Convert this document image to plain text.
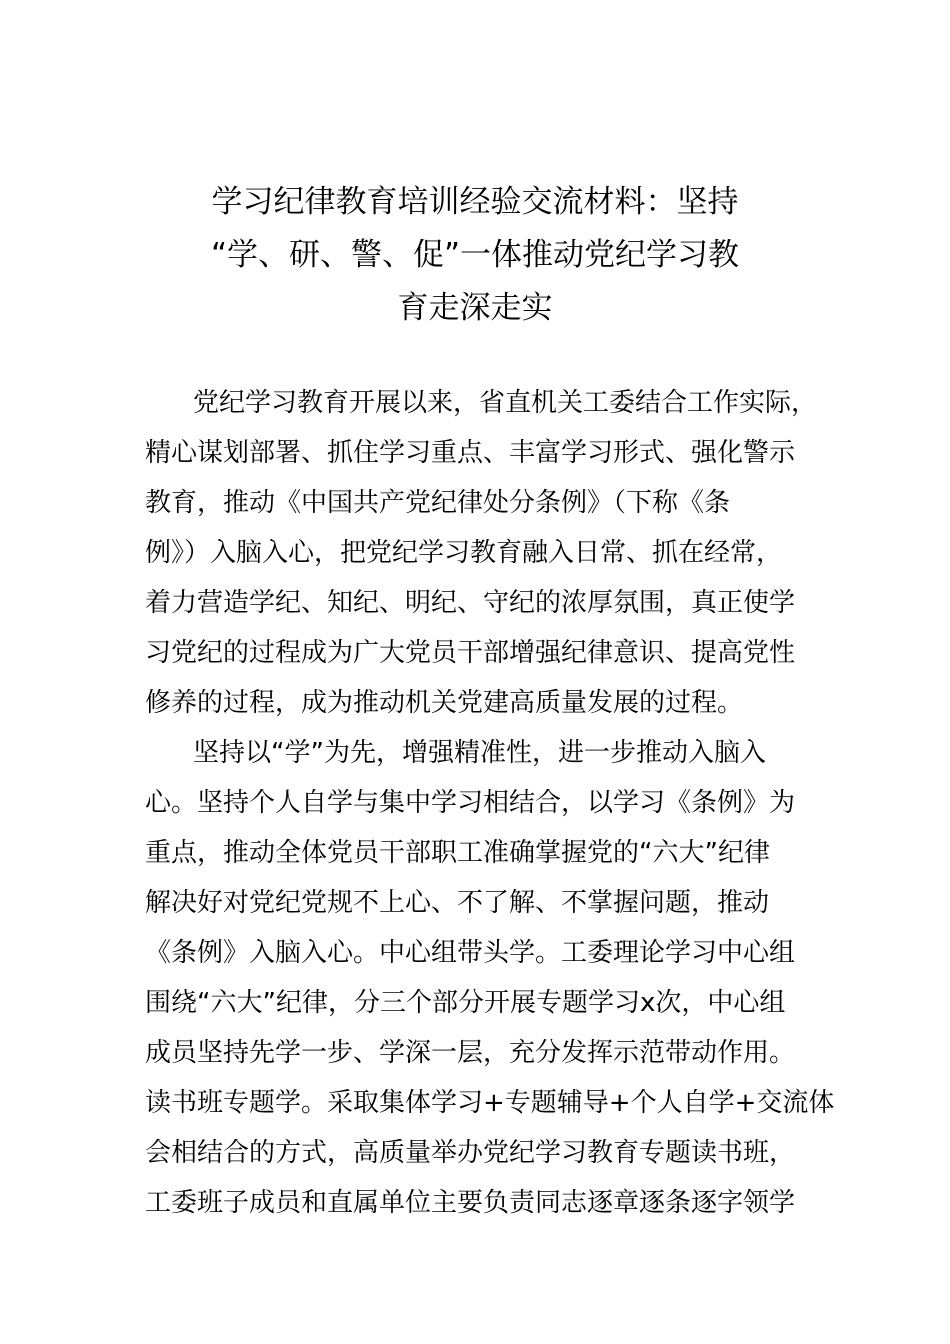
学习纪律教育培训经验交流材料：坚持
“学、研、警、促”一体推动党纪学习教
育走深走实
党纪学习教育开展以来，省直机关工委结合工作实际，
精心谋划部署、抓住学习重点、丰富学习形式、强化警示
教育，推动《中国共产党纪律处分条例》（下称《条
例》）入脑入心，把党纪学习教育融入日常、抓在经常，
着力营造学纪、知纪、明纪、守纪的浓厚氛围，真正使学
习党纪的过程成为广大党员干部增强纪律意识、提高党性
修养的过程，成为推动机关党建高质量发展的过程。
坚持以“学”为先，增强精准性，进一步推动入脑入
心。坚持个人自学与集中学习相结合，以学习《条例》为
重点，推动全体党员干部职工准确掌握党的“六大”纪律
解决好对党纪党规不上心、不了解、不掌握问题，推动
《条例》入脑入心。中心组带头学。工委理论学习中心组
围绕“六大”纪律，分三个部分开展专题学习x次，中心组
成员坚持先学一步、学深一层，充分发挥示范带动作用。
读书班专题学。采取集体学习+专题辅导+个人自学+交流体
会相结合的方式，高质量举办党纪学习教育专题读书班，
工委班子成员和直属单位主要负责同志逐章逐条逐字领学
